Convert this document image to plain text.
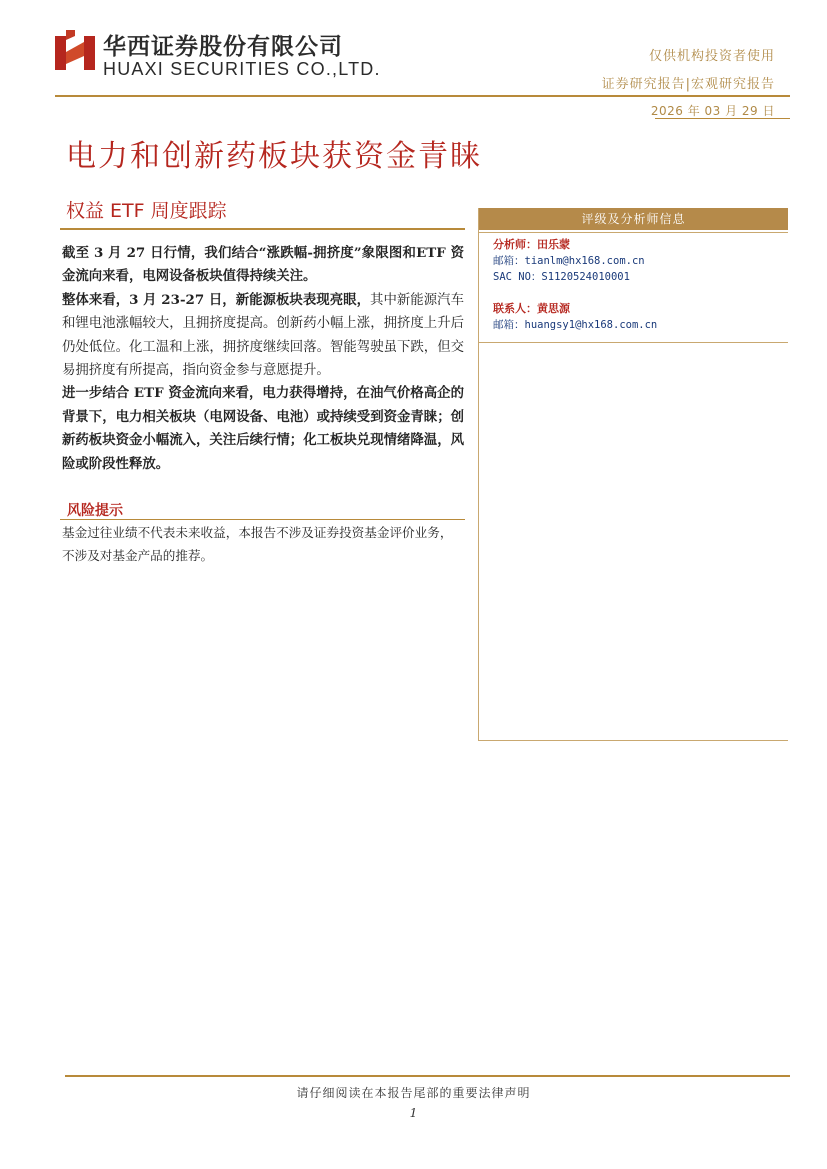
华西证券股份有限公司
HUAXI SECURITIES CO.,LTD.
仅供机构投资者使用
证券研究报告|宏观研究报告
2026 年 03 月 29 日
电力和创新药板块获资金青睐
权益 ETF 周度跟踪

截至 3 月 27 日行情，我们结合“涨跌幅-拥挤度”象限图和ETF 资金流向来看，电网设备板块值得持续关注。

整体来看，3 月 23-27 日，新能源板块表现亮眼，其中新能源汽车和锂电池涨幅较大，且拥挤度提高。创新药小幅上涨，拥挤度上升后仍处低位。化工温和上涨，拥挤度继续回落。智能驾驶虽下跌，但交易拥挤度有所提高，指向资金参与意愿提升。

进一步结合 ETF 资金流向来看，电力获得增持，在油气价格高企的背景下，电力相关板块（电网设备、电池）或持续受到资金青睐；创新药板块资金小幅流入，关注后续行情；化工板块兑现情绪降温，风险或阶段性释放。

风险提示
基金过往业绩不代表未来收益，本报告不涉及证券投资基金评价业务，不涉及对基金产品的推荐。
评级及分析师信息
分析师：田乐蒙
邮箱：tianlm@hx168.com.cn
SAC NO：S1120524010001
联系人：黄思源
邮箱：huangsy1@hx168.com.cn
请仔细阅读在本报告尾部的重要法律声明
1
